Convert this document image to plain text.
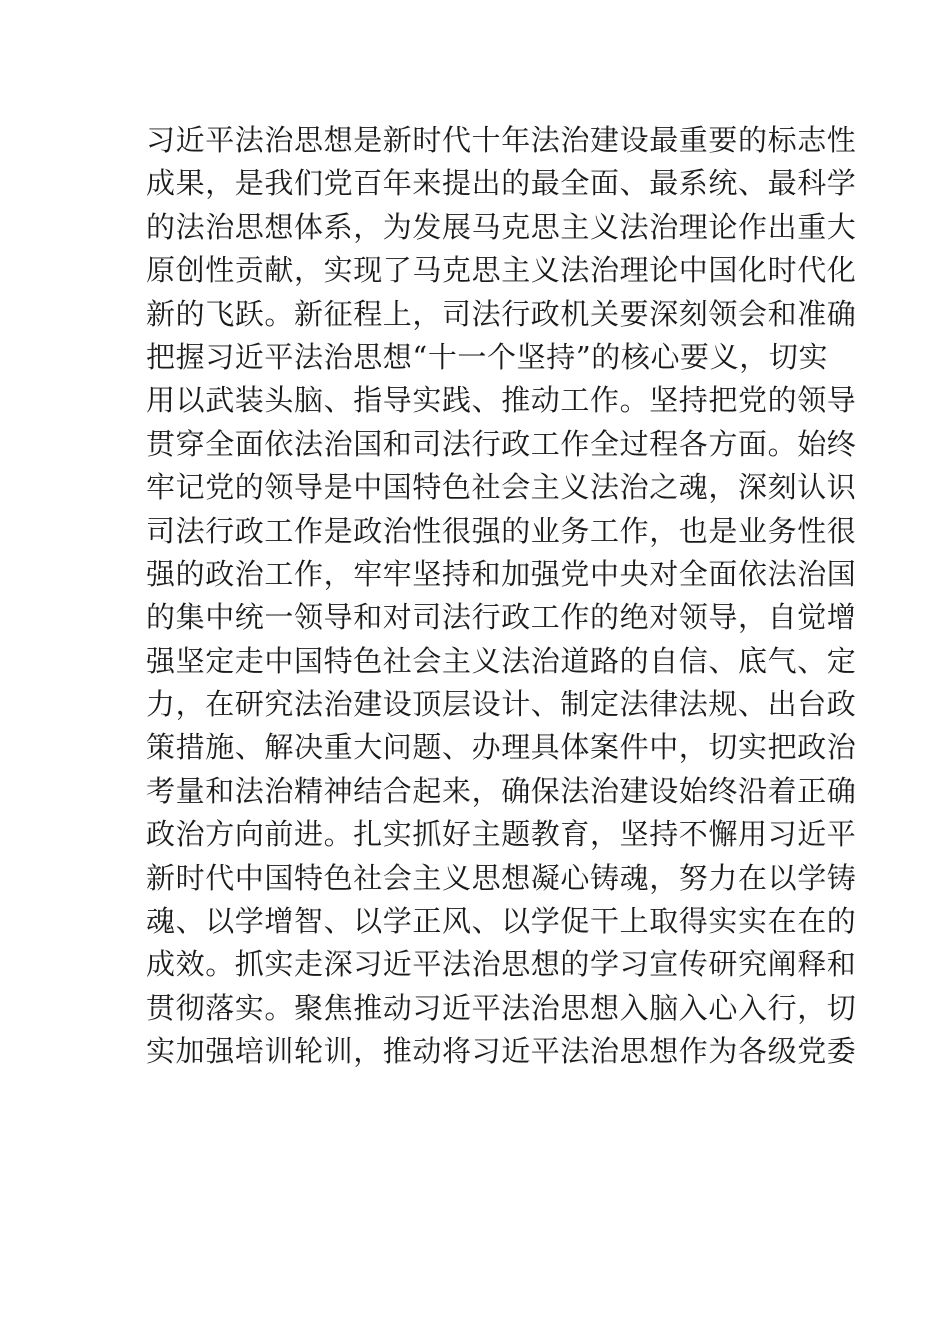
习近平法治思想是新时代十年法治建设最重要的标志性
成果，是我们党百年来提出的最全面、最系统、最科学
的法治思想体系，为发展马克思主义法治理论作出重大
原创性贡献，实现了马克思主义法治理论中国化时代化
新的飞跃。新征程上，司法行政机关要深刻领会和准确
把握习近平法治思想“十一个坚持”的核心要义，切实
用以武装头脑、指导实践、推动工作。坚持把党的领导
贯穿全面依法治国和司法行政工作全过程各方面。始终
牢记党的领导是中国特色社会主义法治之魂，深刻认识
司法行政工作是政治性很强的业务工作，也是业务性很
强的政治工作，牢牢坚持和加强党中央对全面依法治国
的集中统一领导和对司法行政工作的绝对领导，自觉增
强坚定走中国特色社会主义法治道路的自信、底气、定
力，在研究法治建设顶层设计、制定法律法规、出台政
策措施、解决重大问题、办理具体案件中，切实把政治
考量和法治精神结合起来，确保法治建设始终沿着正确
政治方向前进。扎实抓好主题教育，坚持不懈用习近平
新时代中国特色社会主义思想凝心铸魂，努力在以学铸
魂、以学增智、以学正风、以学促干上取得实实在在的
成效。抓实走深习近平法治思想的学习宣传研究阐释和
贯彻落实。聚焦推动习近平法治思想入脑入心入行，切
实加强培训轮训，推动将习近平法治思想作为各级党委
